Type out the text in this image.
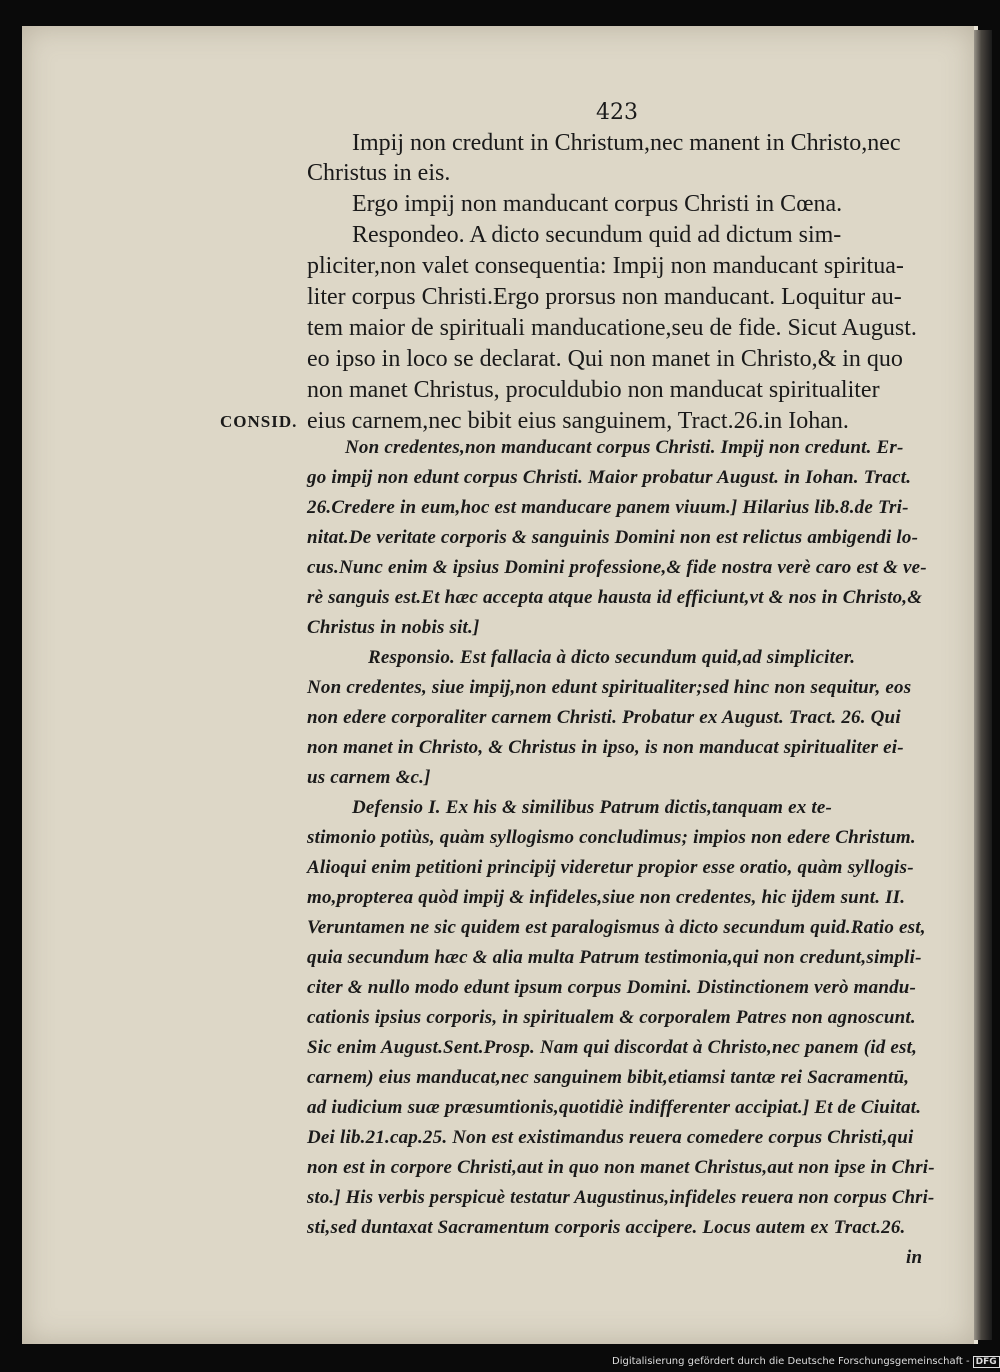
423
CONSID.
Impij non credunt in Christum,nec manent in Christo,nec
Christus in eis.
Ergo impij non manducant corpus Christi in Cœna.
Respondeo. A dicto secundum quid ad dictum sim-
pliciter,non valet consequentia: Impij non manducant spiritua-
liter corpus Christi.Ergo prorsus non manducant. Loquitur au-
tem maior de spirituali manducatione,seu de fide. Sicut August.
eo ipso in loco se declarat. Qui non manet in Christo,& in quo
non manet Christus, proculdubio non manducat spiritualiter
eius carnem,nec bibit eius sanguinem, Tract.26.in Iohan.
Non credentes,non manducant corpus Christi. Impij non credunt. Er-
go impij non edunt corpus Christi. Maior probatur August. in Iohan. Tract.
26.Credere in eum,hoc est manducare panem viuum.] Hilarius lib.8.de Tri-
nitat.De veritate corporis & sanguinis Domini non est relictus ambigendi lo-
cus.Nunc enim & ipsius Domini professione,& fide nostra verè caro est & ve-
rè sanguis est.Et hæc accepta atque hausta id efficiunt,vt & nos in Christo,&
Christus in nobis sit.]
Responsio. Est fallacia à dicto secundum quid,ad simpliciter.
Non credentes, siue impij,non edunt spiritualiter;sed hinc non sequitur, eos
non edere corporaliter carnem Christi. Probatur ex August. Tract. 26. Qui
non manet in Christo, & Christus in ipso, is non manducat spiritualiter ei-
us carnem &c.]
Defensio I. Ex his & similibus Patrum dictis,tanquam ex te-
stimonio potiùs, quàm syllogismo concludimus; impios non edere Christum.
Alioqui enim petitioni principij videretur propior esse oratio, quàm syllogis-
mo,propterea quòd impij & infideles,siue non credentes, hic ijdem sunt. II.
Veruntamen ne sic quidem est paralogismus à dicto secundum quid.Ratio est,
quia secundum hæc & alia multa Patrum testimonia,qui non credunt,simpli-
citer & nullo modo edunt ipsum corpus Domini. Distinctionem verò mandu-
cationis ipsius corporis, in spiritualem & corporalem Patres non agnoscunt.
Sic enim August.Sent.Prosp. Nam qui discordat à Christo,nec panem (id est,
carnem) eius manducat,nec sanguinem bibit,etiamsi tantæ rei Sacramentū,
ad iudicium suæ præsumtionis,quotidiè indifferenter accipiat.] Et de Ciuitat.
Dei lib.21.cap.25. Non est existimandus reuera comedere corpus Christi,qui
non est in corpore Christi,aut in quo non manet Christus,aut non ipse in Chri-
sto.] His verbis perspicuè testatur Augustinus,infideles reuera non corpus Chri-
sti,sed duntaxat Sacramentum corporis accipere. Locus autem ex Tract.26.
in
Digitalisierung gefördert durch die Deutsche Forschungsgemeinschaft - DFG
